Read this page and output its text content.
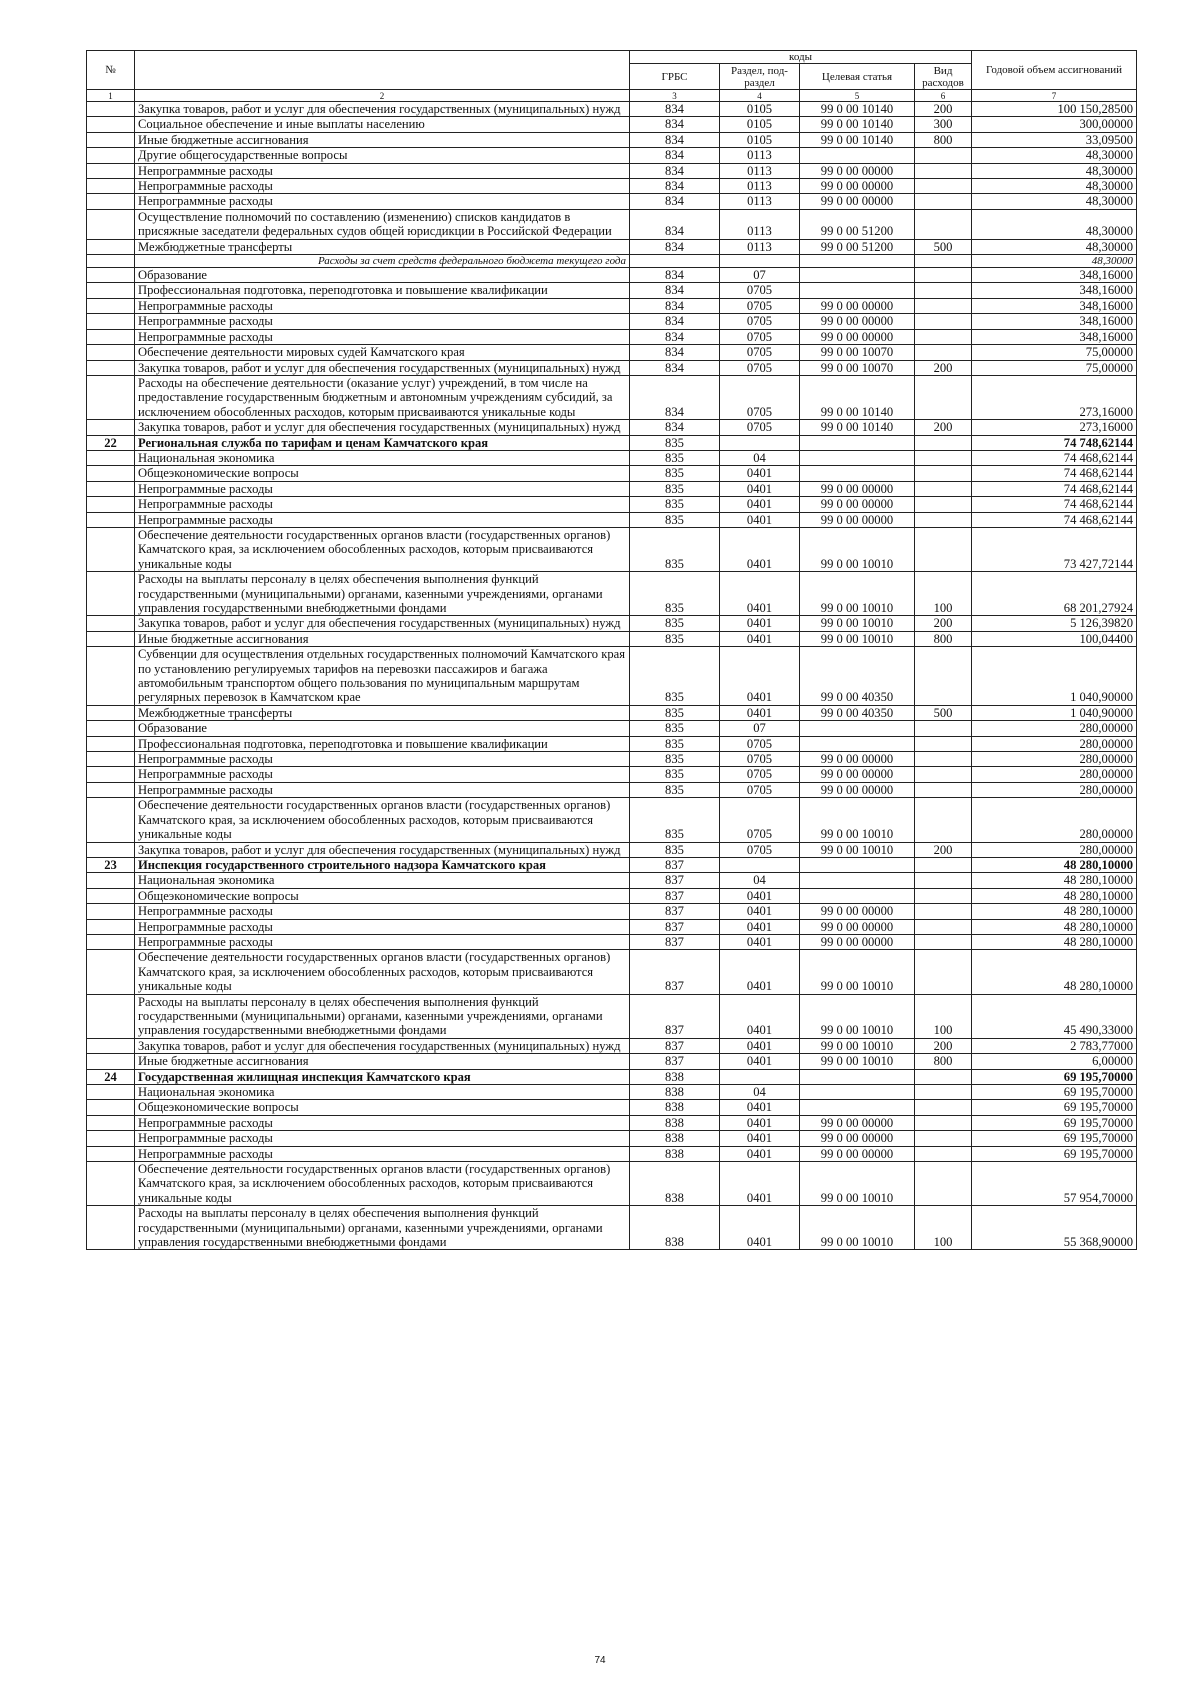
№		коды				Годовой объем ассигнований
		ГРБС	Раздел, под-раздел	Целевая статья	Вид расходов	
1	2	3	4	5	6	7
	Закупка товаров, работ и услуг для обеспечения государственных (муниципальных) нужд	834	0105	99 0 00 10140	200	100 150,28500
	Социальное обеспечение и иные выплаты населению	834	0105	99 0 00 10140	300	300,00000
	Иные бюджетные ассигнования	834	0105	99 0 00 10140	800	33,09500
	Другие общегосударственные вопросы	834	0113			48,30000
	Непрограммные расходы	834	0113	99 0 00 00000		48,30000
	Непрограммные расходы	834	0113	99 0 00 00000		48,30000
	Непрограммные расходы	834	0113	99 0 00 00000		48,30000
	Осуществление полномочий по составлению (изменению) списков кандидатов в присяжные заседатели федеральных судов общей юрисдикции в Российской Федерации	834	0113	99 0 00 51200		48,30000
	Межбюджетные трансферты	834	0113	99 0 00 51200	500	48,30000
	Расходы за счет средств федерального бюджета текущего года					48,30000
	Образование	834	07			348,16000
	Профессиональная подготовка, переподготовка и повышение квалификации	834	0705			348,16000
	Непрограммные расходы	834	0705	99 0 00 00000		348,16000
	Непрограммные расходы	834	0705	99 0 00 00000		348,16000
	Непрограммные расходы	834	0705	99 0 00 00000		348,16000
	Обеспечение деятельности мировых судей Камчатского края	834	0705	99 0 00 10070		75,00000
	Закупка товаров, работ и услуг для обеспечения государственных (муниципальных) нужд	834	0705	99 0 00 10070	200	75,00000
	Расходы на обеспечение деятельности (оказание услуг) учреждений, в том числе на предоставление государственным бюджетным и автономным учреждениям субсидий, за исключением обособленных расходов, которым присваиваются уникальные коды	834	0705	99 0 00 10140		273,16000
	Закупка товаров, работ и услуг для обеспечения государственных (муниципальных) нужд	834	0705	99 0 00 10140	200	273,16000
22	Региональная служба по тарифам и ценам Камчатского края	835				74 748,62144
	Национальная экономика	835	04			74 468,62144
	Общеэкономические вопросы	835	0401			74 468,62144
	Непрограммные расходы	835	0401	99 0 00 00000		74 468,62144
	Непрограммные расходы	835	0401	99 0 00 00000		74 468,62144
	Непрограммные расходы	835	0401	99 0 00 00000		74 468,62144
	Обеспечение деятельности государственных органов власти (государственных органов) Камчатского края, за исключением обособленных расходов, которым присваиваются уникальные коды	835	0401	99 0 00 10010		73 427,72144
	Расходы на выплаты персоналу в целях обеспечения выполнения функций государственными (муниципальными) органами, казенными учреждениями, органами управления государственными внебюджетными фондами	835	0401	99 0 00 10010	100	68 201,27924
	Закупка товаров, работ и услуг для обеспечения государственных (муниципальных) нужд	835	0401	99 0 00 10010	200	5 126,39820
	Иные бюджетные ассигнования	835	0401	99 0 00 10010	800	100,04400
	Субвенции для осуществления отдельных государственных полномочий Камчатского края по установлению регулируемых тарифов на перевозки пассажиров и багажа автомобильным транспортом общего пользования по муниципальным маршрутам регулярных перевозок в Камчатском крае	835	0401	99 0 00 40350		1 040,90000
	Межбюджетные трансферты	835	0401	99 0 00 40350	500	1 040,90000
	Образование	835	07			280,00000
	Профессиональная подготовка, переподготовка и повышение квалификации	835	0705			280,00000
	Непрограммные расходы	835	0705	99 0 00 00000		280,00000
	Непрограммные расходы	835	0705	99 0 00 00000		280,00000
	Непрограммные расходы	835	0705	99 0 00 00000		280,00000
	Обеспечение деятельности государственных органов власти (государственных органов) Камчатского края, за исключением обособленных расходов, которым присваиваются уникальные коды	835	0705	99 0 00 10010		280,00000
	Закупка товаров, работ и услуг для обеспечения государственных (муниципальных) нужд	835	0705	99 0 00 10010	200	280,00000
23	Инспекция государственного строительного надзора Камчатского края	837				48 280,10000
	Национальная экономика	837	04			48 280,10000
	Общеэкономические вопросы	837	0401			48 280,10000
	Непрограммные расходы	837	0401	99 0 00 00000		48 280,10000
	Непрограммные расходы	837	0401	99 0 00 00000		48 280,10000
	Непрограммные расходы	837	0401	99 0 00 00000		48 280,10000
	Обеспечение деятельности государственных органов власти (государственных органов) Камчатского края, за исключением обособленных расходов, которым присваиваются уникальные коды	837	0401	99 0 00 10010		48 280,10000
	Расходы на выплаты персоналу в целях обеспечения выполнения функций государственными (муниципальными) органами, казенными учреждениями, органами управления государственными внебюджетными фондами	837	0401	99 0 00 10010	100	45 490,33000
	Закупка товаров, работ и услуг для обеспечения государственных (муниципальных) нужд	837	0401	99 0 00 10010	200	2 783,77000
	Иные бюджетные ассигнования	837	0401	99 0 00 10010	800	6,00000
24	Государственная жилищная инспекция Камчатского края	838				69 195,70000
	Национальная экономика	838	04			69 195,70000
	Общеэкономические вопросы	838	0401			69 195,70000
	Непрограммные расходы	838	0401	99 0 00 00000		69 195,70000
	Непрограммные расходы	838	0401	99 0 00 00000		69 195,70000
	Непрограммные расходы	838	0401	99 0 00 00000		69 195,70000
	Обеспечение деятельности государственных органов власти (государственных органов) Камчатского края, за исключением обособленных расходов, которым присваиваются уникальные коды	838	0401	99 0 00 10010		57 954,70000
	Расходы на выплаты персоналу в целях обеспечения выполнения функций государственными (муниципальными) органами, казенными учреждениями, органами управления государственными внебюджетными фондами	838	0401	99 0 00 10010	100	55 368,90000
74
